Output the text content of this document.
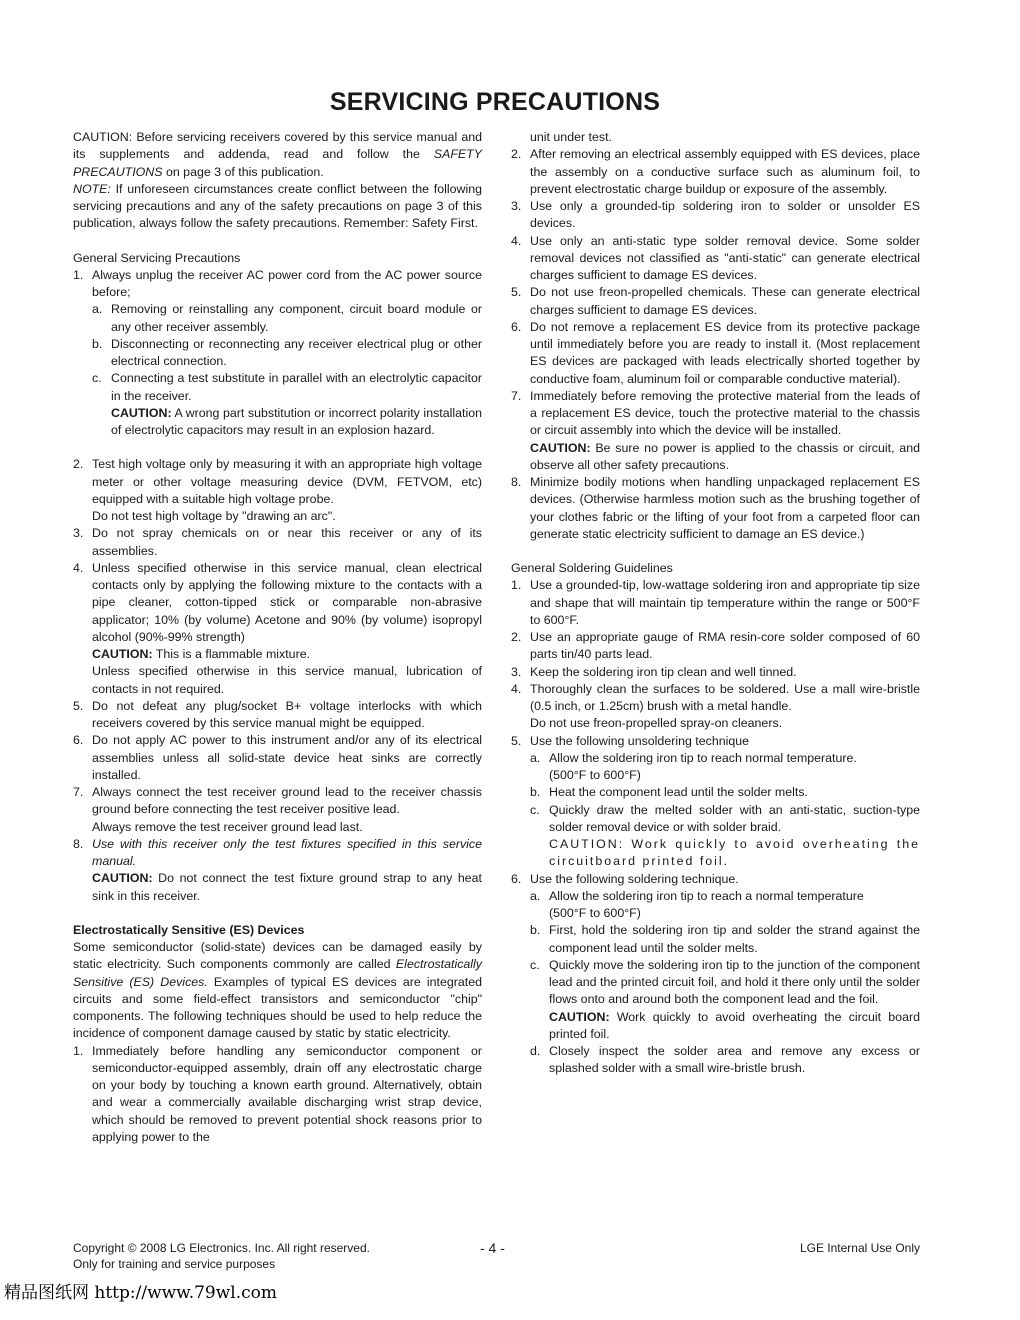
SERVICING PRECAUTIONS

CAUTION: Before servicing receivers covered by this service manual and its supplements and addenda, read and follow the SAFETY PRECAUTIONS on page 3 of this publication.

NOTE: If unforeseen circumstances create conflict between the following servicing precautions and any of the safety precautions on page 3 of this publication, always follow the safety precautions. Remember: Safety First.

General Servicing Precautions

1. Always unplug the receiver AC power cord from the AC power source before;
a. Removing or reinstalling any component, circuit board module or any other receiver assembly.
b. Disconnecting or reconnecting any receiver electrical plug or other electrical connection.
c. Connecting a test substitute in parallel with an electrolytic capacitor in the receiver.
CAUTION: A wrong part substitution or incorrect polarity installation of electrolytic capacitors may result in an explosion hazard.
2. Test high voltage only by measuring it with an appropriate high voltage meter or other voltage measuring device (DVM, FETVOM, etc) equipped with a suitable high voltage probe.
Do not test high voltage by "drawing an arc".
3. Do not spray chemicals on or near this receiver or any of its assemblies.
4. Unless specified otherwise in this service manual, clean electrical contacts only by applying the following mixture to the contacts with a pipe cleaner, cotton-tipped stick or comparable non-abrasive applicator; 10% (by volume) Acetone and 90% (by volume) isopropyl alcohol (90%-99% strength)
CAUTION: This is a flammable mixture.
Unless specified otherwise in this service manual, lubrication of contacts in not required.
5. Do not defeat any plug/socket B+ voltage interlocks with which receivers covered by this service manual might be equipped.
6. Do not apply AC power to this instrument and/or any of its electrical assemblies unless all solid-state device heat sinks are correctly installed.
7. Always connect the test receiver ground lead to the receiver chassis ground before connecting the test receiver positive lead.
Always remove the test receiver ground lead last.
8. Use with this receiver only the test fixtures specified in this service manual.
CAUTION: Do not connect the test fixture ground strap to any heat sink in this receiver.

Electrostatically Sensitive (ES) Devices

Some semiconductor (solid-state) devices can be damaged easily by static electricity. Such components commonly are called Electrostatically Sensitive (ES) Devices. Examples of typical ES devices are integrated circuits and some field-effect transistors and semiconductor "chip" components. The following techniques should be used to help reduce the incidence of component damage caused by static by static electricity.

1. Immediately before handling any semiconductor component or semiconductor-equipped assembly, drain off any electrostatic charge on your body by touching a known earth ground. Alternatively, obtain and wear a commercially available discharging wrist strap device, which should be removed to prevent potential shock reasons prior to applying power to the

unit under test.

2. After removing an electrical assembly equipped with ES devices, place the assembly on a conductive surface such as aluminum foil, to prevent electrostatic charge buildup or exposure of the assembly.
3. Use only a grounded-tip soldering iron to solder or unsolder ES devices.
4. Use only an anti-static type solder removal device. Some solder removal devices not classified as "anti-static" can generate electrical charges sufficient to damage ES devices.
5. Do not use freon-propelled chemicals. These can generate electrical charges sufficient to damage ES devices.
6. Do not remove a replacement ES device from its protective package until immediately before you are ready to install it. (Most replacement ES devices are packaged with leads electrically shorted together by conductive foam, aluminum foil or comparable conductive material).
7. Immediately before removing the protective material from the leads of a replacement ES device, touch the protective material to the chassis or circuit assembly into which the device will be installed.
CAUTION: Be sure no power is applied to the chassis or circuit, and observe all other safety precautions.
8. Minimize bodily motions when handling unpackaged replacement ES devices. (Otherwise harmless motion such as the brushing together of your clothes fabric or the lifting of your foot from a carpeted floor can generate static electricity sufficient to damage an ES device.)

General Soldering Guidelines

1. Use a grounded-tip, low-wattage soldering iron and appropriate tip size and shape that will maintain tip temperature within the range or 500°F to 600°F.
2. Use an appropriate gauge of RMA resin-core solder composed of 60 parts tin/40 parts lead.
3. Keep the soldering iron tip clean and well tinned.
4. Thoroughly clean the surfaces to be soldered. Use a mall wire-bristle (0.5 inch, or 1.25cm) brush with a metal handle.
Do not use freon-propelled spray-on cleaners.
5. Use the following unsoldering technique
a. Allow the soldering iron tip to reach normal temperature.
(500°F to 600°F)
b. Heat the component lead until the solder melts.
c. Quickly draw the melted solder with an anti-static, suction-type solder removal device or with solder braid.
CAUTION: Work quickly to avoid overheating the circuitboard printed foil.
6. Use the following soldering technique.
a. Allow the soldering iron tip to reach a normal temperature
(500°F to 600°F)
b. First, hold the soldering iron tip and solder the strand against the component lead until the solder melts.
c. Quickly move the soldering iron tip to the junction of the component lead and the printed circuit foil, and hold it there only until the solder flows onto and around both the component lead and the foil.
CAUTION: Work quickly to avoid overheating the circuit board printed foil.
d. Closely inspect the solder area and remove any excess or splashed solder with a small wire-bristle brush.
Copyright © 2008 LG Electronics. Inc. All right reserved.
Only for training and service purposes
- 4 -	LGE Internal Use Only
精品图纸网 http://www.79wl.com
